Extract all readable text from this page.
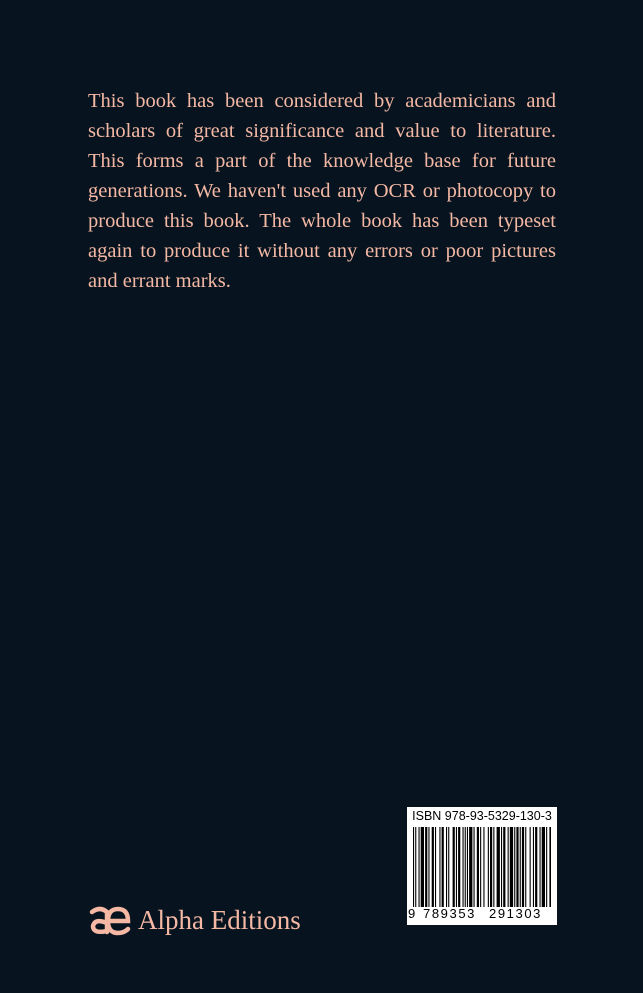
This book has been considered by academicians and scholars of great significance and value to literature. This forms a part of the knowledge base for future generations. We haven't used any OCR or photocopy to produce this book. The whole book has been typeset again to produce it without any errors or poor pictures and errant marks.

ISBN 978-93-5329-130-3
9 789353 291303
Alpha Editions
